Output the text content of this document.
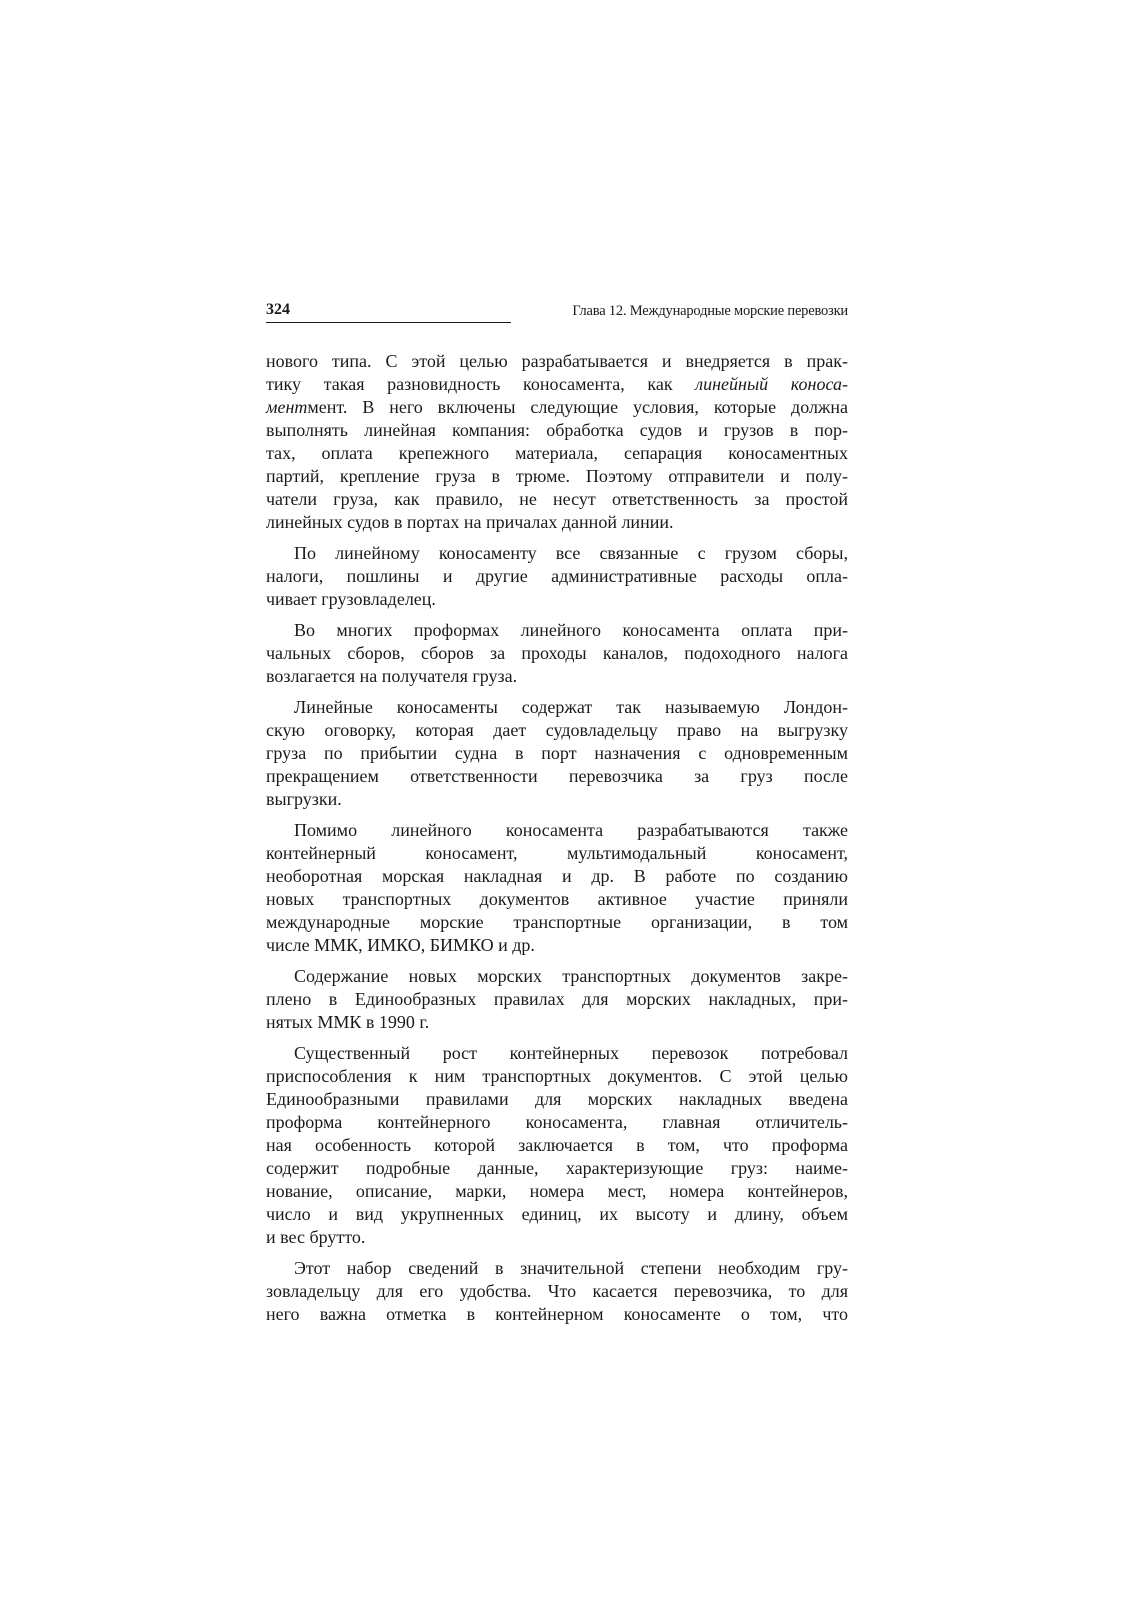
324	Глава 12. Международные морские перевозки

нового типа. С этой целью разрабатывается и внедряется в прак-
тику такая разновидность коносамента, как линейный коноса-
ментмент. В него включены следующие условия, которые должна
выполнять линейная компания: обработка судов и грузов в пор-
тах, оплата крепежного материала, сепарация коносаментных
партий, крепление груза в трюме. Поэтому отправители и полу-
чатели груза, как правило, не несут ответственность за простой
линейных судов в портах на причалах данной линии.

По линейному коносаменту все связанные с грузом сборы,
налоги, пошлины и другие административные расходы опла-
чивает грузовладелец.

Во многих проформах линейного коносамента оплата при-
чальных сборов, сборов за проходы каналов, подоходного налога
возлагается на получателя груза.

Линейные коносаменты содержат так называемую Лондон-
скую оговорку, которая дает судовладельцу право на выгрузку
груза по прибытии судна в порт назначения с одновременным
прекращением ответственности перевозчика за груз после
выгрузки.

Помимо линейного коносамента разрабатываются также
контейнерный коносамент, мультимодальный коносамент,
необоротная морская накладная и др. В работе по созданию
новых транспортных документов активное участие приняли
международные морские транспортные организации, в том
числе ММК, ИМКО, БИМКО и др.

Содержание новых морских транспортных документов закре-
плено в Единообразных правилах для морских накладных, при-
нятых ММК в 1990 г.

Существенный рост контейнерных перевозок потребовал
приспособления к ним транспортных документов. С этой целью
Единообразными правилами для морских накладных введена
проформа контейнерного коносамента, главная отличитель-
ная особенность которой заключается в том, что проформа
содержит подробные данные, характеризующие груз: наиме-
нование, описание, марки, номера мест, номера контейнеров,
число и вид укрупненных единиц, их высоту и длину, объем
и вес брутто.

Этот набор сведений в значительной степени необходим гру-
зовладельцу для его удобства. Что касается перевозчика, то для
него важна отметка в контейнерном коносаменте о том, что
